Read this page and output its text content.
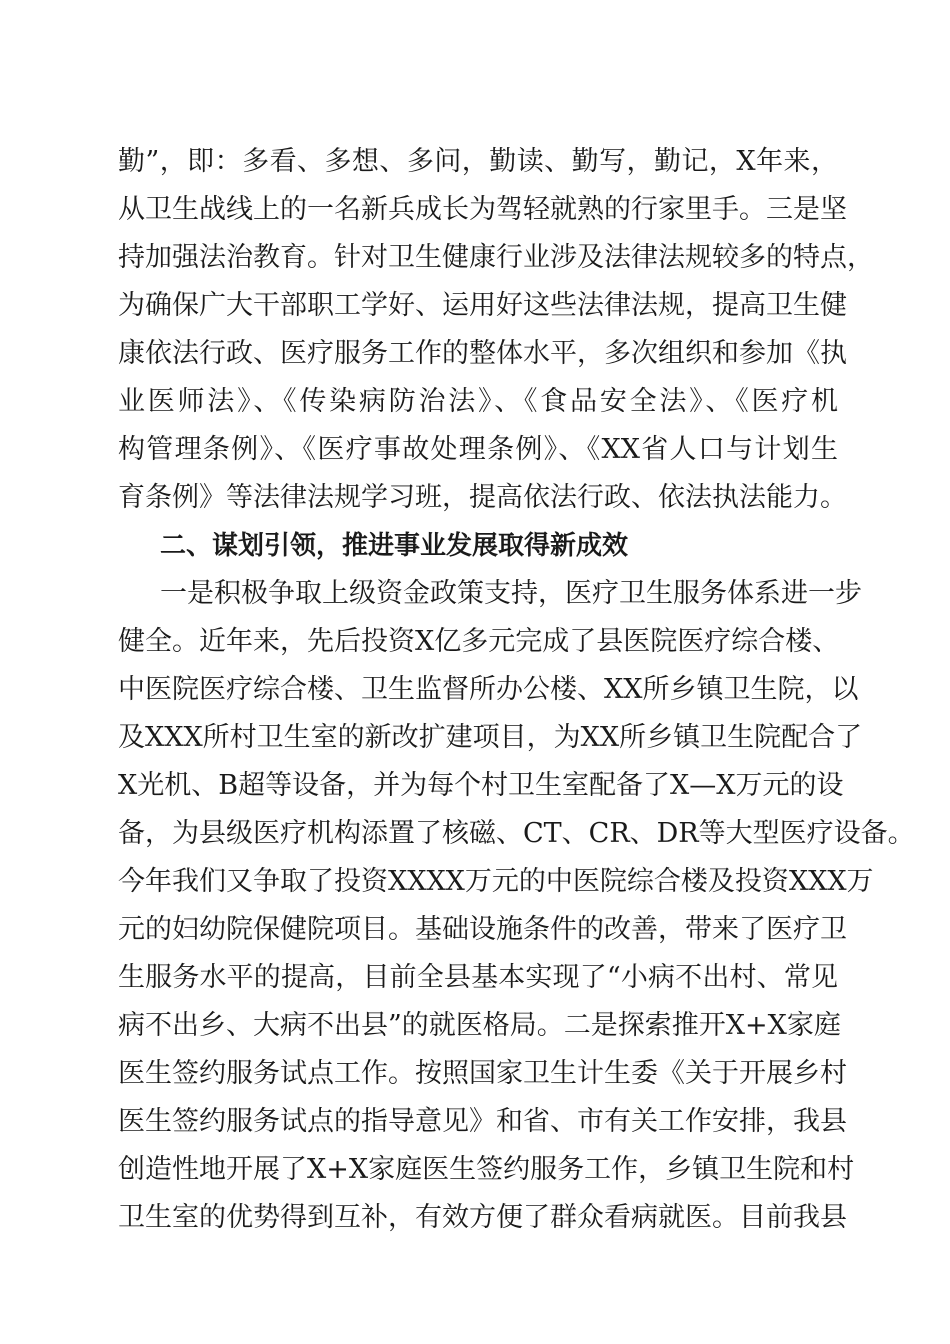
勤”，即：多看、多想、多问，勤读、勤写，勤记，X年来，
从卫生战线上的一名新兵成长为驾轻就熟的行家里手。三是坚
持加强法治教育。针对卫生健康行业涉及法律法规较多的特点，
为确保广大干部职工学好、运用好这些法律法规，提高卫生健
康依法行政、医疗服务工作的整体水平，多次组织和参加《执
业医师法》、《传染病防治法》、《食品安全法》、《医疗机
构管理条例》、《医疗事故处理条例》、《XX省人口与计划生
育条例》等法律法规学习班，提高依法行政、依法执法能力。
二、谋划引领，推进事业发展取得新成效
一是积极争取上级资金政策支持，医疗卫生服务体系进一步
健全。近年来，先后投资X亿多元完成了县医院医疗综合楼、
中医院医疗综合楼、卫生监督所办公楼、XX所乡镇卫生院，以
及XXX所村卫生室的新改扩建项目，为XX所乡镇卫生院配合了
X光机、B超等设备，并为每个村卫生室配备了X—X万元的设
备，为县级医疗机构添置了核磁、CT、CR、DR等大型医疗设备。
今年我们又争取了投资XXXX万元的中医院综合楼及投资XXX万
元的妇幼院保健院项目。基础设施条件的改善，带来了医疗卫
生服务水平的提高，目前全县基本实现了“小病不出村、常见
病不出乡、大病不出县”的就医格局。二是探索推开X+X家庭
医生签约服务试点工作。按照国家卫生计生委《关于开展乡村
医生签约服务试点的指导意见》和省、市有关工作安排，我县
创造性地开展了X+X家庭医生签约服务工作，乡镇卫生院和村
卫生室的优势得到互补，有效方便了群众看病就医。目前我县
